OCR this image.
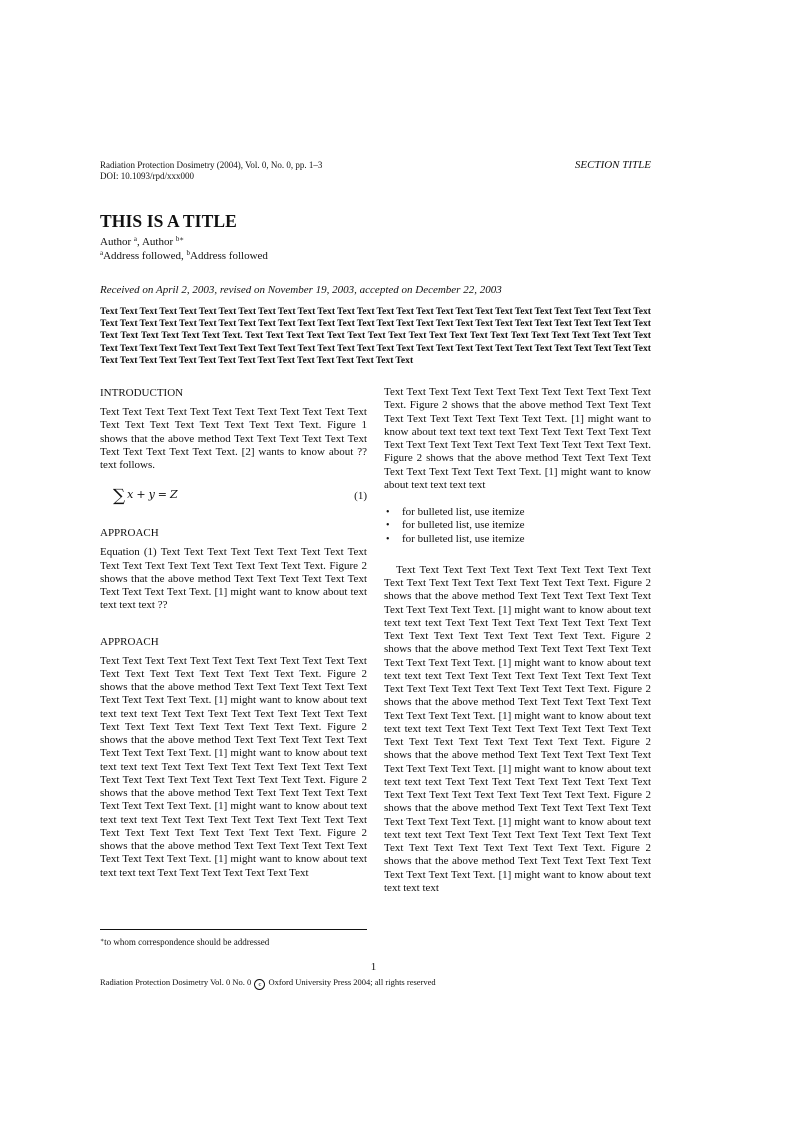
Radiation Protection Dosimetry (2004), Vol. 0, No. 0, pp. 1–3
DOI: 10.1093/rpd/xxx000
SECTION TITLE
THIS IS A TITLE
Author $^a$, Author $^{b∗}$
$^a$Address followed, $^b$Address followed
Received on April 2, 2003, revised on November 19, 2003, accepted on December 22, 2003
Text Text Text Text Text Text Text Text Text Text Text Text Text Text Text Text Text Text Text Text Text Text Text Text Text Text Text Text Text Text Text Text Text Text Text Text Text Text Text Text Text Text Text Text Text Text Text Text Text Text Text Text Text Text Text Text Text Text Text Text Text Text Text. Text Text Text Text Text Text Text Text Text Text Text Text Text Text Text Text Text Text Text Text Text Text Text Text Text Text Text Text Text Text Text Text Text Text Text Text Text Text Text Text Text Text Text Text Text Text Text Text Text Text Text Text Text Text Text Text Text Text Text Text Text Text Text Text
INTRODUCTION

Text Text Text Text Text Text Text Text Text Text Text Text Text Text Text Text Text Text Text Text Text. Figure 1 shows that the above method Text Text Text Text Text Text Text Text Text Text Text Text. [2] wants to know about ?? text follows.

∑ x + y = Z	(1)
APPROACH

Equation (1) Text Text Text Text Text Text Text Text Text Text Text Text Text Text Text Text Text Text Text. Figure 2 shows that the above method Text Text Text Text Text Text Text Text Text Text Text. [1] might want to know about text text text text ??

APPROACH

Text Text Text Text Text Text Text Text Text Text Text Text Text Text Text Text Text Text Text Text Text. Figure 2 shows that the above method Text Text Text Text Text Text Text Text Text Text Text. [1] might want to know about text text text text Text Text Text Text Text Text Text Text Text Text Text Text Text Text Text Text Text Text. Figure 2 shows that the above method Text Text Text Text Text Text Text Text Text Text Text. [1] might want to know about text text text text Text Text Text Text Text Text Text Text Text Text Text Text Text Text Text Text Text Text Text. Figure 2 shows that the above method Text Text Text Text Text Text Text Text Text Text Text. [1] might want to know about text text text text Text Text Text Text Text Text Text Text Text Text Text Text Text Text Text Text Text Text. Figure 2 shows that the above method Text Text Text Text Text Text Text Text Text Text Text. [1] might want to know about text text text text Text Text Text Text Text Text Text

Text Text Text Text Text Text Text Text Text Text Text Text Text. Figure 2 shows that the above method Text Text Text Text Text Text Text Text Text Text Text. [1] might want to know about text text text text Text Text Text Text Text Text Text Text Text Text Text Text Text Text Text Text Text Text. Figure 2 shows that the above method Text Text Text Text Text Text Text Text Text Text Text. [1] might want to know about text text text text

• for bulleted list, use itemize
• for bulleted list, use itemize
• for bulleted list, use itemize

Text Text Text Text Text Text Text Text Text Text Text Text Text Text Text Text Text Text Text Text Text. Figure 2 shows that the above method Text Text Text Text Text Text Text Text Text Text Text. [1] might want to know about text text text text Text Text Text Text Text Text Text Text Text Text Text Text Text Text Text Text Text Text. Figure 2 shows that the above method Text Text Text Text Text Text Text Text Text Text Text. [1] might want to know about text text text text Text Text Text Text Text Text Text Text Text Text Text Text Text Text Text Text Text Text Text. Figure 2 shows that the above method Text Text Text Text Text Text Text Text Text Text Text. [1] might want to know about text text text text Text Text Text Text Text Text Text Text Text Text Text Text Text Text Text Text Text Text. Figure 2 shows that the above method Text Text Text Text Text Text Text Text Text Text Text. [1] might want to know about text text text text Text Text Text Text Text Text Text Text Text Text Text Text Text Text Text Text Text Text Text. Figure 2 shows that the above method Text Text Text Text Text Text Text Text Text Text Text. [1] might want to know about text text text text Text Text Text Text Text Text Text Text Text Text Text Text Text Text Text Text Text Text. Figure 2 shows that the above method Text Text Text Text Text Text Text Text Text Text Text. [1] might want to know about text text text text

∗to whom correspondence should be addressed
1
Radiation Protection Dosimetry Vol. 0 No. 0 c Oxford University Press 2004; all rights reserved
